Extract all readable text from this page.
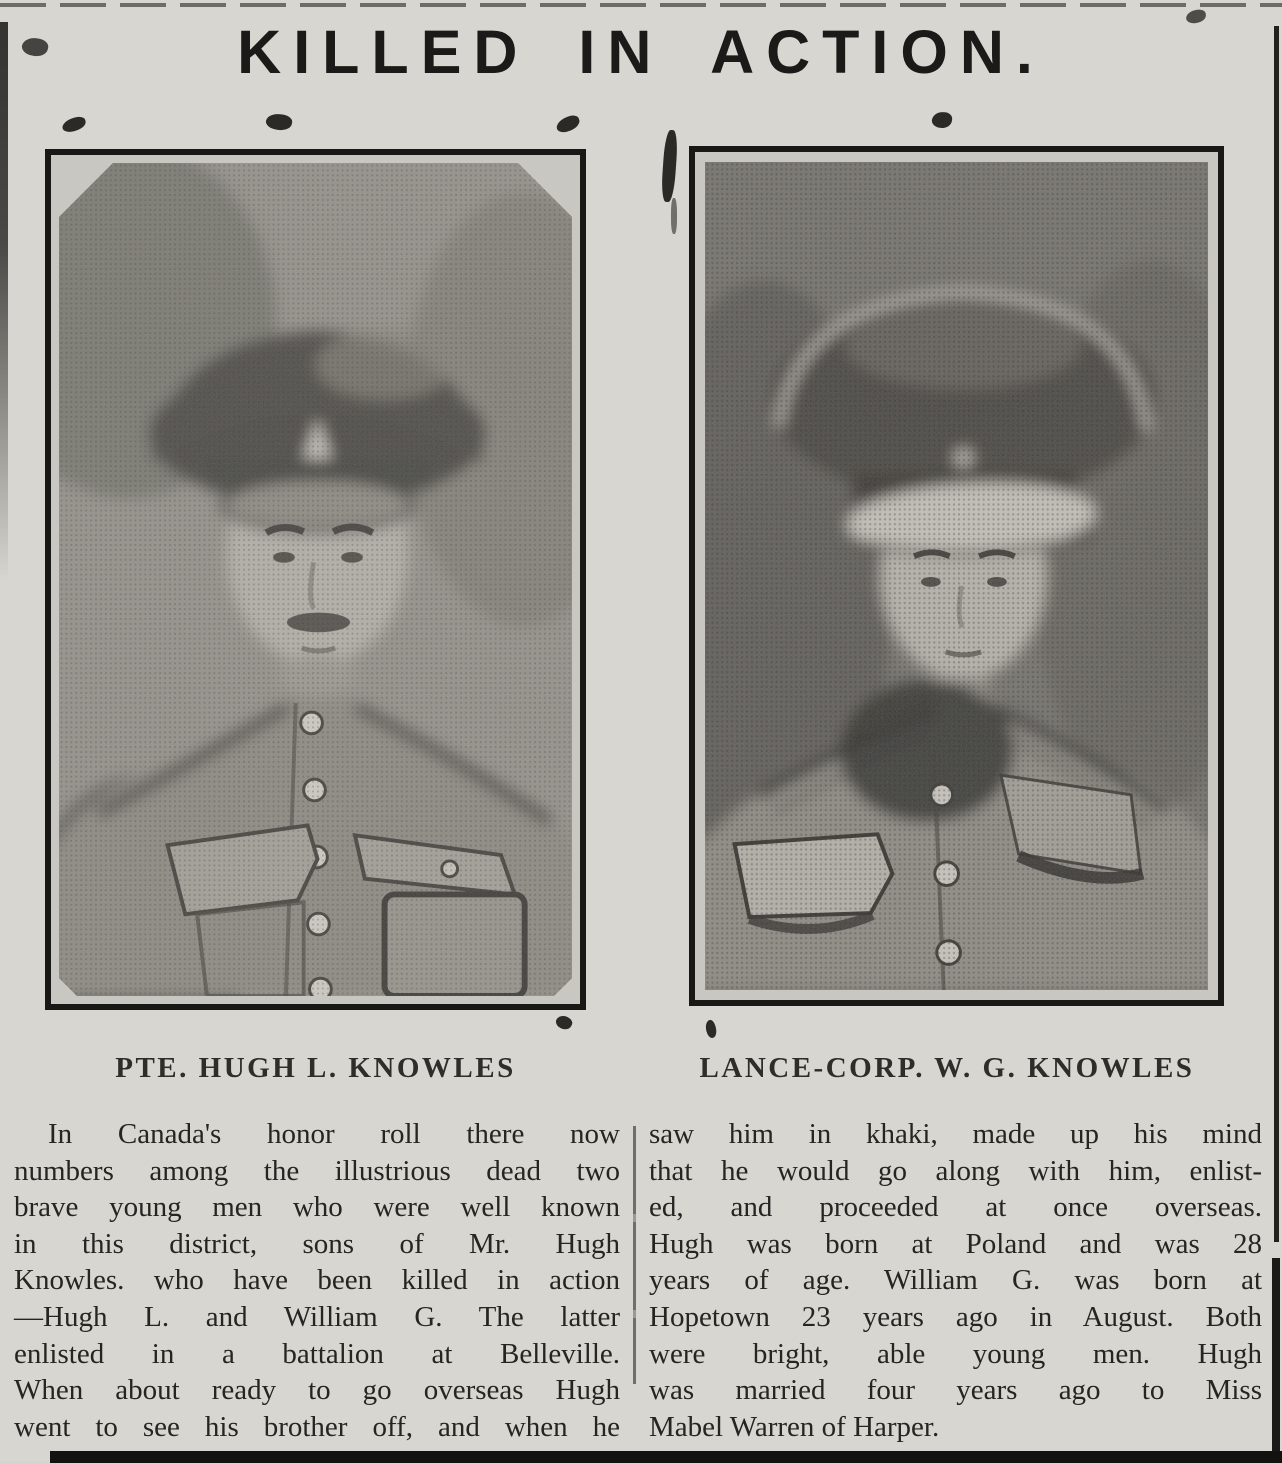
KILLED IN ACTION.
PTE. HUGH L. KNOWLES	LANCE-CORP. W. G. KNOWLES
In Canada's honor roll there now
numbers among the illustrious dead two
brave young men who were well known
in this district, sons of Mr. Hugh
Knowles. who have been killed in action
—Hugh L. and William G. The latter
enlisted in a battalion at Belleville.
When about ready to go overseas Hugh
went to see his brother off, and when he
saw him in khaki, made up his mind
that he would go along with him, enlist-
ed, and proceeded at once overseas.
Hugh was born at Poland and was 28
years of age. William G. was born at
Hopetown 23 years ago in August. Both
were bright, able young men. Hugh
was married four years ago to Miss
Mabel Warren of Harper.
